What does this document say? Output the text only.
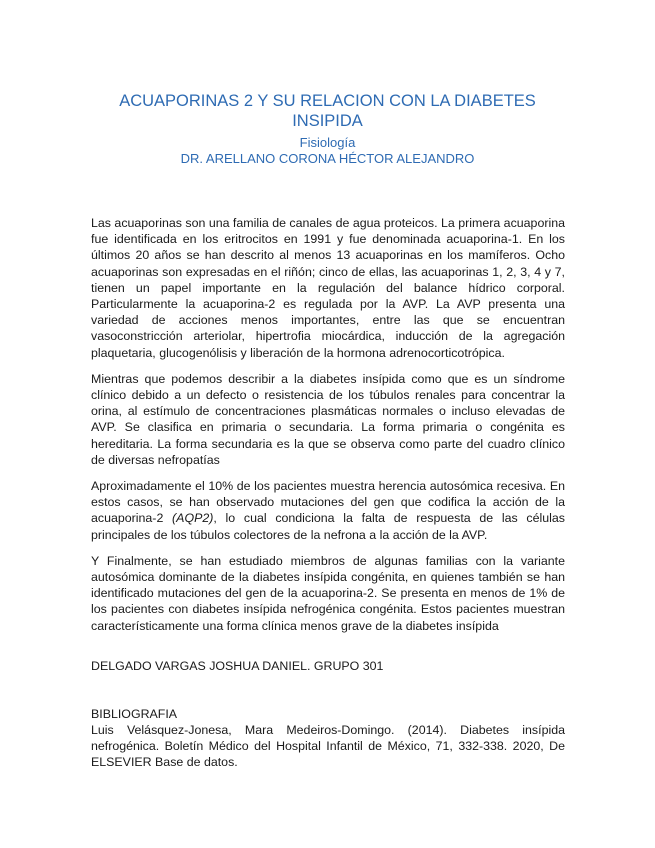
ACUAPORINAS 2 Y SU RELACION CON LA DIABETES INSIPIDA

Fisiología

DR. ARELLANO CORONA HÉCTOR ALEJANDRO

Las acuaporinas son una familia de canales de agua proteicos. La primera acuaporina fue identificada en los eritrocitos en 1991 y fue denominada acuaporina-1. En los últimos 20 años se han descrito al menos 13 acuaporinas en los mamíferos. Ocho acuaporinas son expresadas en el riñón; cinco de ellas, las acuaporinas 1, 2, 3, 4 y 7, tienen un papel importante en la regulación del balance hídrico corporal. Particularmente la acuaporina-2 es regulada por la AVP. La AVP presenta una variedad de acciones menos importantes, entre las que se encuentran vasoconstricción arteriolar, hipertrofia miocárdica, inducción de la agregación plaquetaria, glucogenólisis y liberación de la hormona adrenocorticotrópica.

Mientras que podemos describir a la diabetes insípida como que es un síndrome clínico debido a un defecto o resistencia de los túbulos renales para concentrar la orina, al estímulo de concentraciones plasmáticas normales o incluso elevadas de AVP. Se clasifica en primaria o secundaria. La forma primaria o congénita es hereditaria. La forma secundaria es la que se observa como parte del cuadro clínico de diversas nefropatías

Aproximadamente el 10% de los pacientes muestra herencia autosómica recesiva. En estos casos, se han observado mutaciones del gen que codifica la acción de la acuaporina-2 (AQP2), lo cual condiciona la falta de respuesta de las células principales de los túbulos colectores de la nefrona a la acción de la AVP.

Y Finalmente, se han estudiado miembros de algunas familias con la variante autosómica dominante de la diabetes insípida congénita, en quienes también se han identificado mutaciones del gen de la acuaporina-2. Se presenta en menos de 1% de los pacientes con diabetes insípida nefrogénica congénita. Estos pacientes muestran característicamente una forma clínica menos grave de la diabetes insípida

DELGADO VARGAS JOSHUA DANIEL. GRUPO 301

BIBLIOGRAFIA

Luis Velásquez-Jonesa, Mara Medeiros-Domingo. (2014). Diabetes insípida nefrogénica. Boletín Médico del Hospital Infantil de México, 71, 332-338. 2020, De ELSEVIER Base de datos.
